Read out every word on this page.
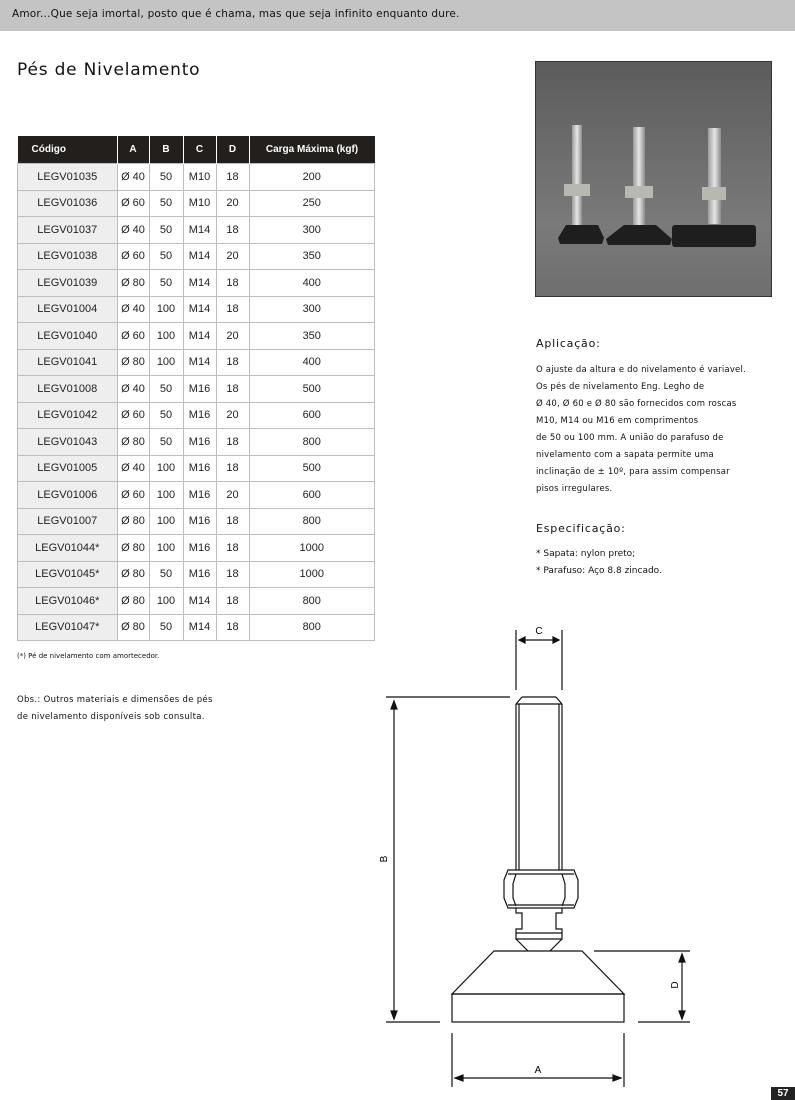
Amor...Que seja imortal, posto que é chama, mas que seja infinito enquanto dure.
Pés de Nivelamento
Código	A	B	C	D	Carga Máxima (kgf)
LEGV01035	Ø 40	50	M10	18	200
LEGV01036	Ø 60	50	M10	20	250
LEGV01037	Ø 40	50	M14	18	300
LEGV01038	Ø 60	50	M14	20	350
LEGV01039	Ø 80	50	M14	18	400
LEGV01004	Ø 40	100	M14	18	300
LEGV01040	Ø 60	100	M14	20	350
LEGV01041	Ø 80	100	M14	18	400
LEGV01008	Ø 40	50	M16	18	500
LEGV01042	Ø 60	50	M16	20	600
LEGV01043	Ø 80	50	M16	18	800
LEGV01005	Ø 40	100	M16	18	500
LEGV01006	Ø 60	100	M16	20	600
LEGV01007	Ø 80	100	M16	18	800
LEGV01044*	Ø 80	100	M16	18	1000
LEGV01045*	Ø 80	50	M16	18	1000
LEGV01046*	Ø 80	100	M14	18	800
LEGV01047*	Ø 80	50	M14	18	800
(*) Pé de nivelamento com amortecedor.
Obs.: Outros materiais e dimensões de pés
de nivelamento disponíveis sob consulta.
Aplicação:
O ajuste da altura e do nivelamento é variavel.
Os pés de nivelamento Eng. Legho de
Ø 40, Ø 60 e Ø 80 são fornecidos com roscas
M10, M14 ou M16 em comprimentos
de 50 ou 100 mm. A união do parafuso de
nivelamento com a sapata permite uma
inclinação de ± 10º, para assim compensar
pisos irregulares.
Especificação:
* Sapata: nylon preto;
* Parafuso: Aço 8.8 zincado.
C
B
D
A
57
